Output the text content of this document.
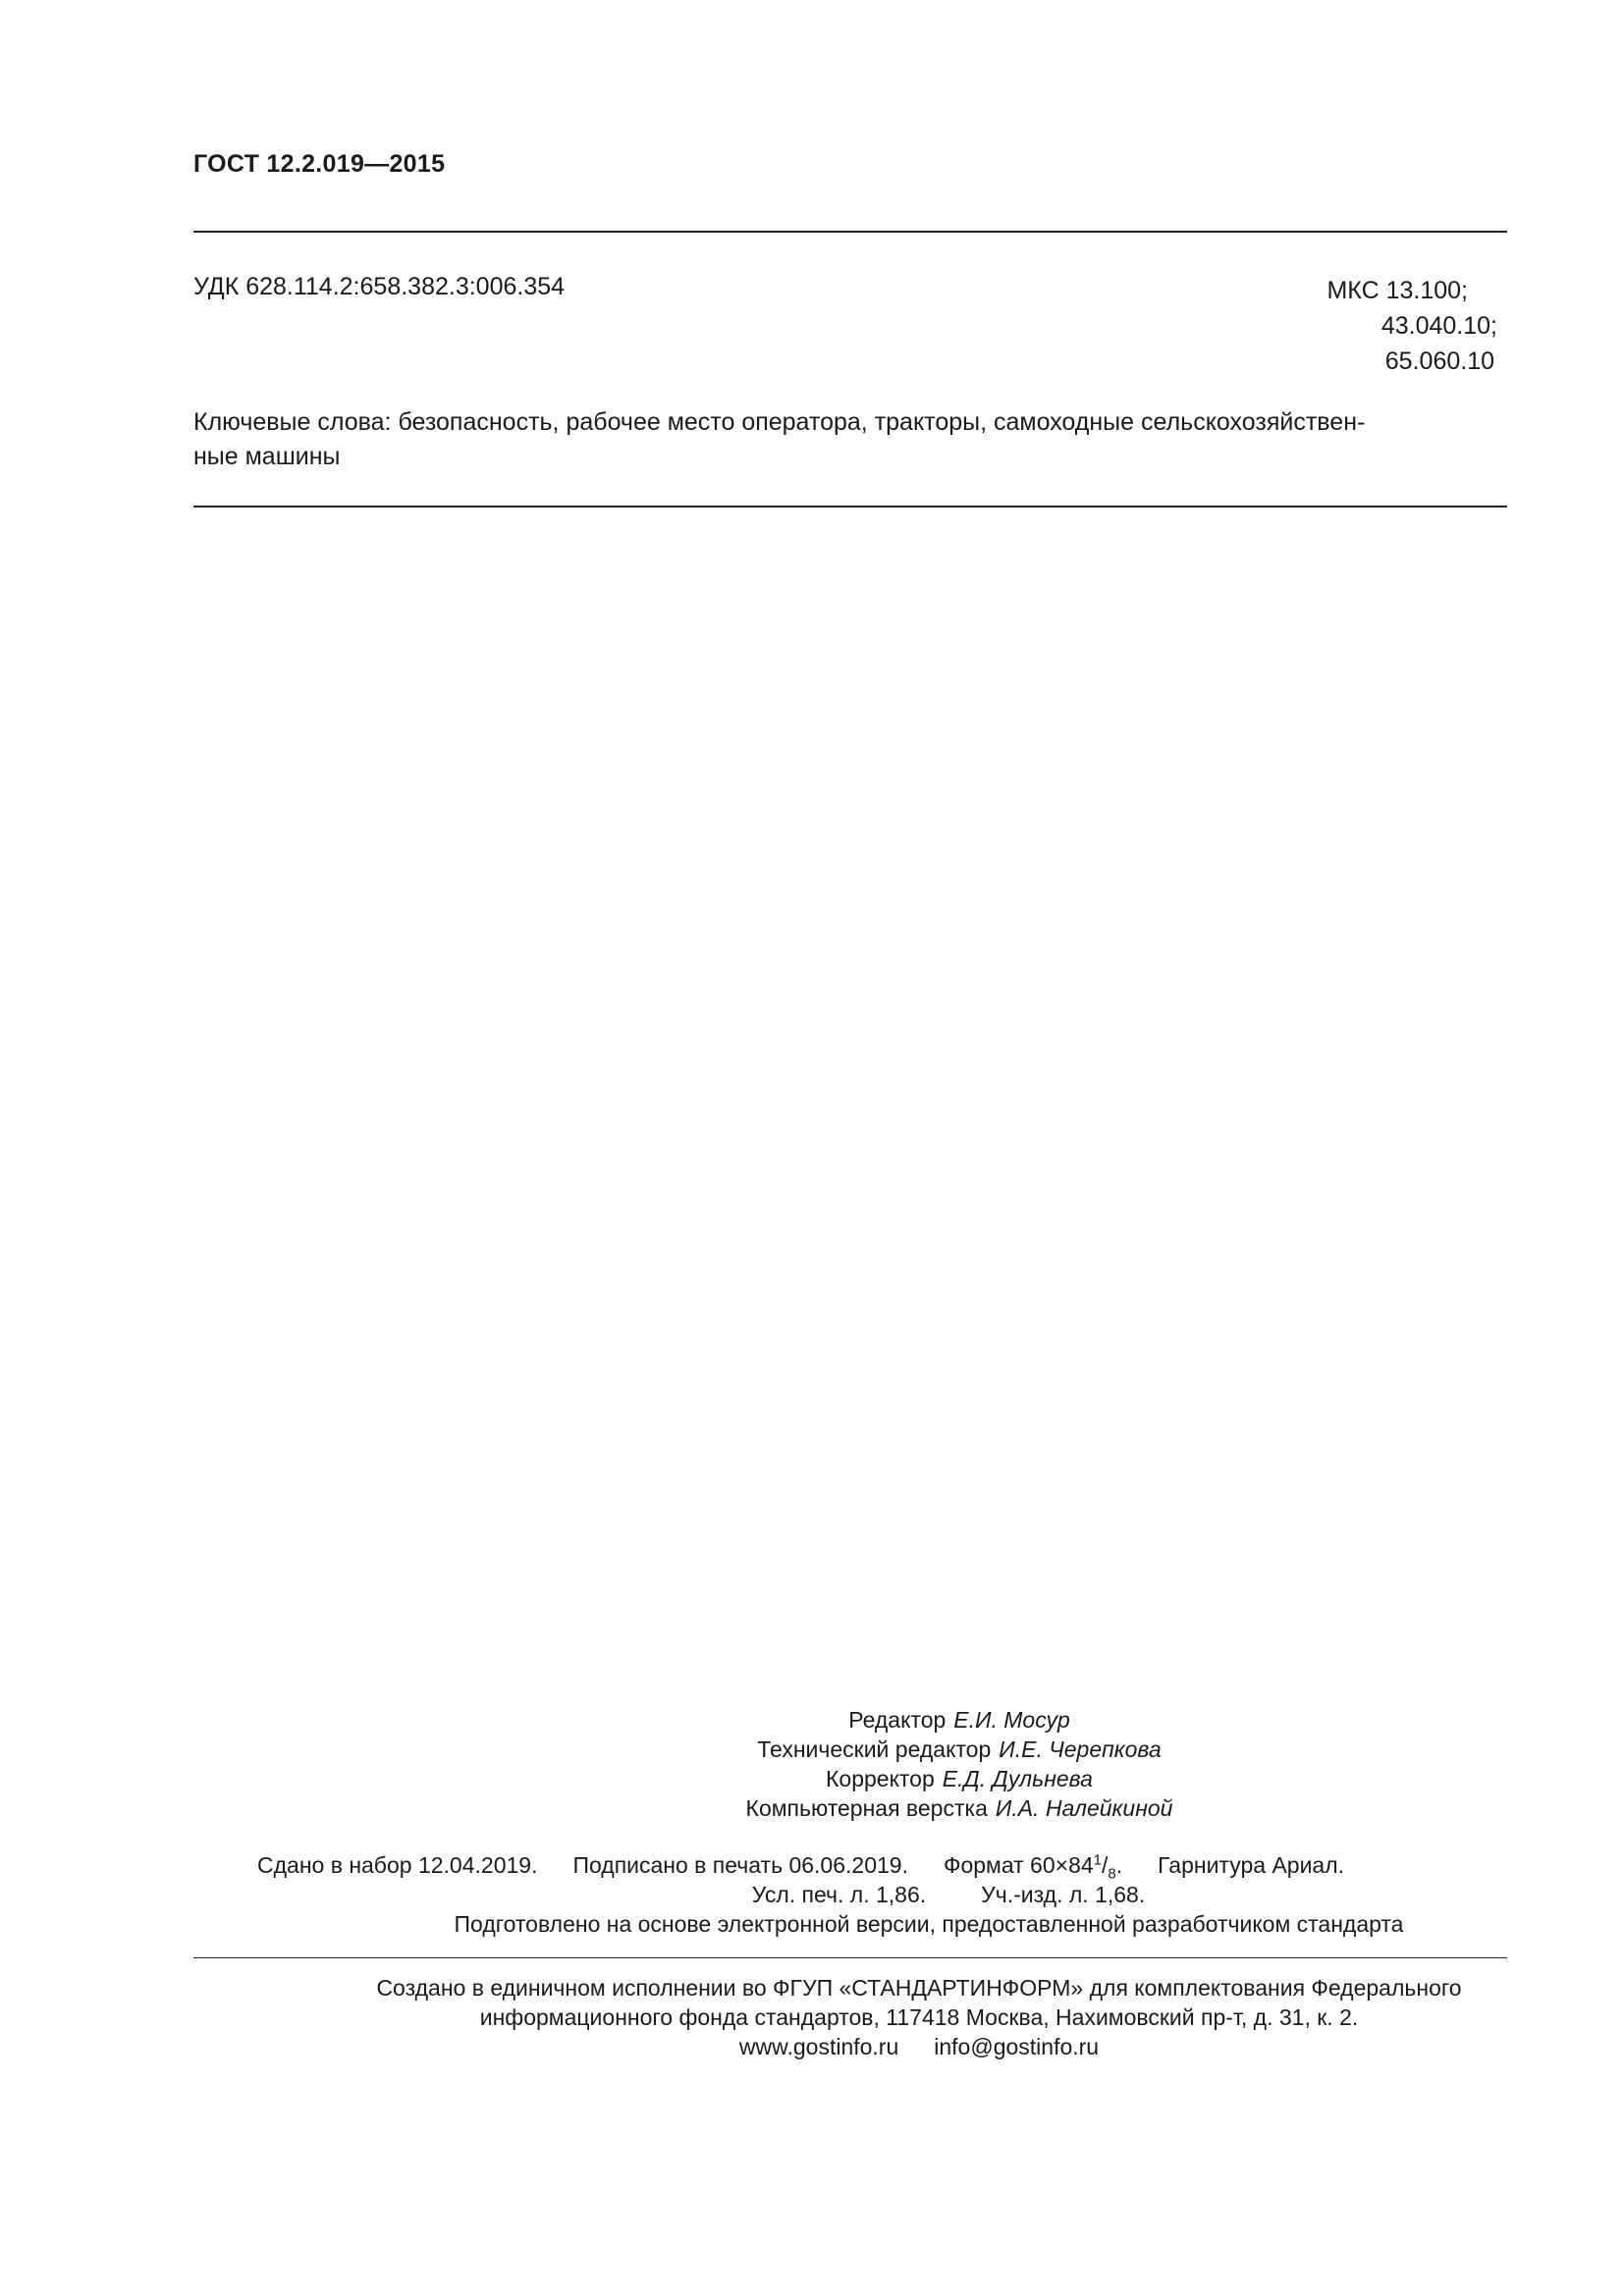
ГОСТ 12.2.019—2015
УДК 628.114.2:658.382.3:006.354	МКС 13.100;
43.040.10;
65.060.10
Ключевые слова: безопасность, рабочее место оператора, тракторы, самоходные сельскохозяйствен-
ные машины
Редактор Е.И. Мосур
Технический редактор И.Е. Черепкова
Корректор Е.Д. Дульнева
Компьютерная верстка И.А. Налейкиной
Сдано в набор 12.04.2019. Подписано в печать 06.06.2019. Формат $60\times 84^1/_8$. Гарнитура Ариал.
Усл. печ. л. 1,86. Уч.-изд. л. 1,68.
Подготовлено на основе электронной версии, предоставленной разработчиком стандарта
Создано в единичном исполнении во ФГУП «СТАНДАРТИНФОРМ» для комплектования Федерального
информационного фонда стандартов, 117418 Москва, Нахимовский пр-т, д. 31, к. 2.
www.gostinfo.ru info@gostinfo.ru
